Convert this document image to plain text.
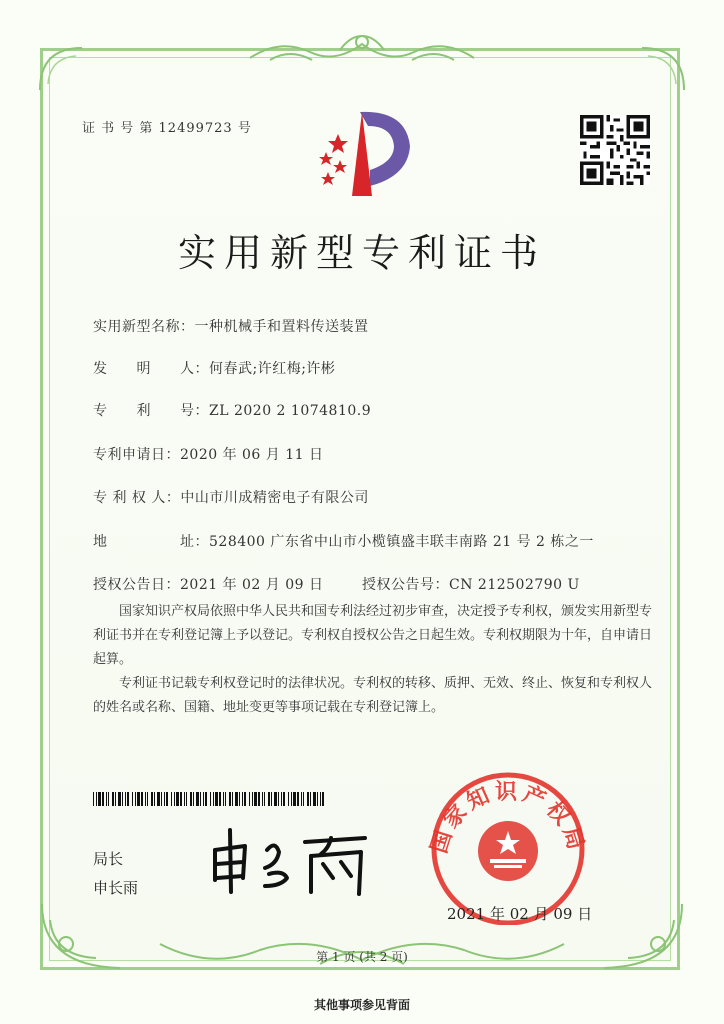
证 书 号 第 12499723 号
实用新型专利证书
实用新型名称：一种机械手和置料传送装置
发　　明　　人：何春武;许红梅;许彬
专　　利　　号：ZL 2020 2 1074810.9
专利申请日：2020 年 06 月 11 日
专 利 权 人：中山市川成精密电子有限公司
地　　　　　址：528400 广东省中山市小榄镇盛丰联丰南路 21 号 2 栋之一
授权公告日：2021 年 02 月 09 日	授权公告号：CN 212502790 U

国家知识产权局依照中华人民共和国专利法经过初步审查，决定授予专利权，颁发实用新型专利证书并在专利登记簿上予以登记。专利权自授权公告之日起生效。专利权期限为十年，自申请日起算。

专利证书记载专利权登记时的法律状况。专利权的转移、质押、无效、终止、恢复和专利权人的姓名或名称、国籍、地址变更等事项记载在专利登记簿上。

局长
申长雨
国家知识产权局
2021 年 02 月 09 日
第 1 页 (共 2 页)
其他事项参见背面
